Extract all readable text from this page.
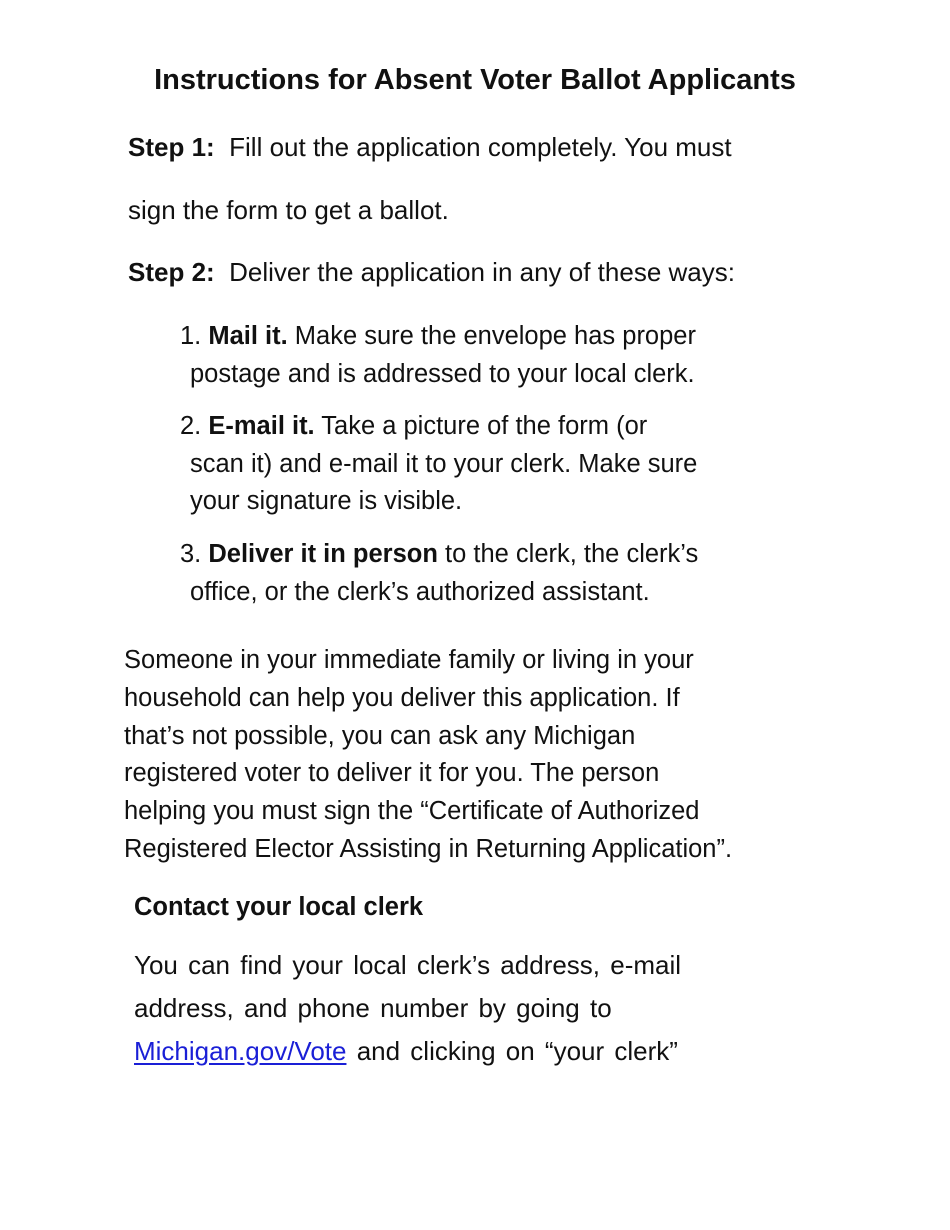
Instructions for Absent Voter Ballot Applicants
Step 1: Fill out the application completely. You must
sign the form to get a ballot.
Step 2: Deliver the application in any of these ways:
1. Mail it. Make sure the envelope has proper
postage and is addressed to your local clerk.
2. E-mail it. Take a picture of the form (or
scan it) and e-mail it to your clerk. Make sure
your signature is visible.
3. Deliver it in person to the clerk, the clerk’s
office, or the clerk’s authorized assistant.
Someone in your immediate family or living in your
household can help you deliver this application. If
that’s not possible, you can ask any Michigan
registered voter to deliver it for you. The person
helping you must sign the “Certificate of Authorized
Registered Elector Assisting in Returning Application”.
Contact your local clerk
You can find your local clerk’s address, e-mail
address, and phone number by going to
Michigan.gov/Vote and clicking on “your clerk”
